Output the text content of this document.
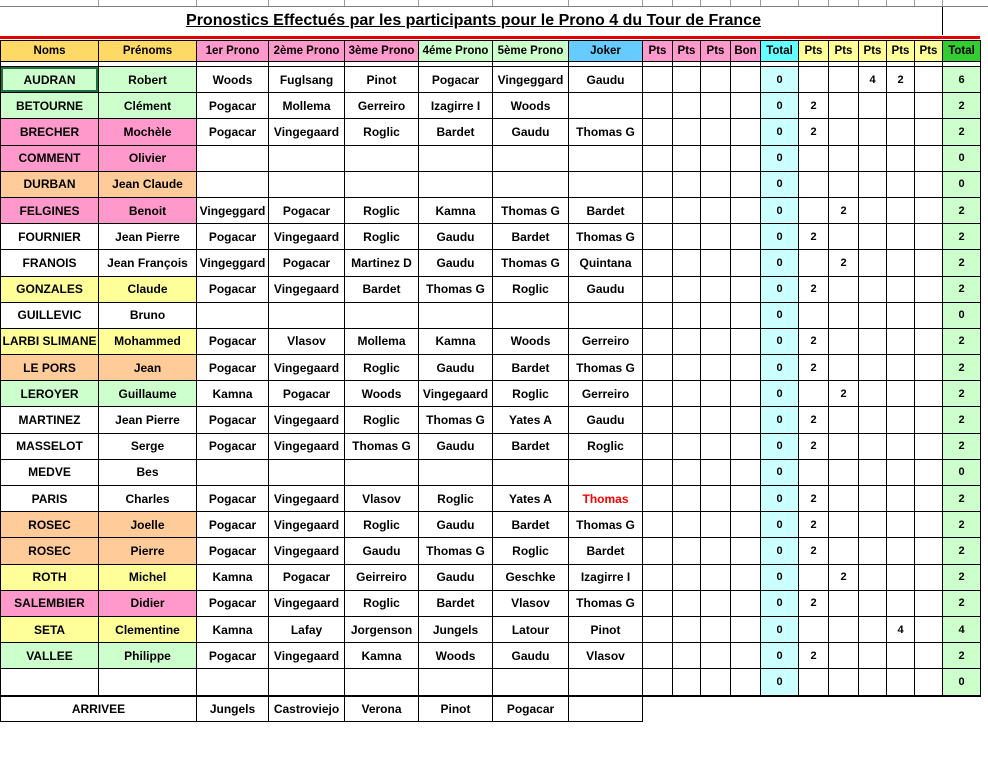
Pronostics Effectués par les participants pour le Prono 4 du Tour de France
Noms	Prénoms	1er Prono	2ème Prono	3ème Prono	4éme Prono	5ème Prono	Joker	Pts	Pts	Pts	Bon	Total	Pts	Pts	Pts	Pts	Pts	Total

AUDRAN	Robert	Woods	Fuglsang	Pinot	Pogacar	Vingeggard	Gaudu					0			4	2		6
BETOURNE	Clément	Pogacar	Mollema	Gerreiro	Izagirre I	Woods						0	2					2
BRECHER	Mochèle	Pogacar	Vingegaard	Roglic	Bardet	Gaudu	Thomas G					0	2					2
COMMENT	Olivier											0						0
DURBAN	Jean Claude											0						0
FELGINES	Benoit	Vingeggard	Pogacar	Roglic	Kamna	Thomas G	Bardet					0		2				2
FOURNIER	Jean Pierre	Pogacar	Vingegaard	Roglic	Gaudu	Bardet	Thomas G					0	2					2
FRANOIS	Jean François	Vingeggard	Pogacar	Martinez D	Gaudu	Thomas G	Quintana					0		2				2
GONZALES	Claude	Pogacar	Vingegaard	Bardet	Thomas G	Roglic	Gaudu					0	2					2
GUILLEVIC	Bruno											0						0
LARBI SLIMANE	Mohammed	Pogacar	Vlasov	Mollema	Kamna	Woods	Gerreiro					0	2					2
LE PORS	Jean	Pogacar	Vingegaard	Roglic	Gaudu	Bardet	Thomas G					0	2					2
LEROYER	Guillaume	Kamna	Pogacar	Woods	Vingegaard	Roglic	Gerreiro					0		2				2
MARTINEZ	Jean Pierre	Pogacar	Vingegaard	Roglic	Thomas G	Yates A	Gaudu					0	2					2
MASSELOT	Serge	Pogacar	Vingegaard	Thomas G	Gaudu	Bardet	Roglic					0	2					2
MEDVE	Bes											0						0
PARIS	Charles	Pogacar	Vingegaard	Vlasov	Roglic	Yates A	Thomas					0	2					2
ROSEC	Joelle	Pogacar	Vingegaard	Roglic	Gaudu	Bardet	Thomas G					0	2					2
ROSEC	Pierre	Pogacar	Vingegaard	Gaudu	Thomas G	Roglic	Bardet					0	2					2
ROTH	Michel	Kamna	Pogacar	Geirreiro	Gaudu	Geschke	Izagirre I					0		2				2
SALEMBIER	Didier	Pogacar	Vingegaard	Roglic	Bardet	Vlasov	Thomas G					0	2					2
SETA	Clementine	Kamna	Lafay	Jorgenson	Jungels	Latour	Pinot					0				4		4
VALLEE	Philippe	Pogacar	Vingegaard	Kamna	Woods	Gaudu	Vlasov					0	2					2
												0						0
ARRIVEE		Jungels	Castroviejo	Verona	Pinot	Pogacar												
